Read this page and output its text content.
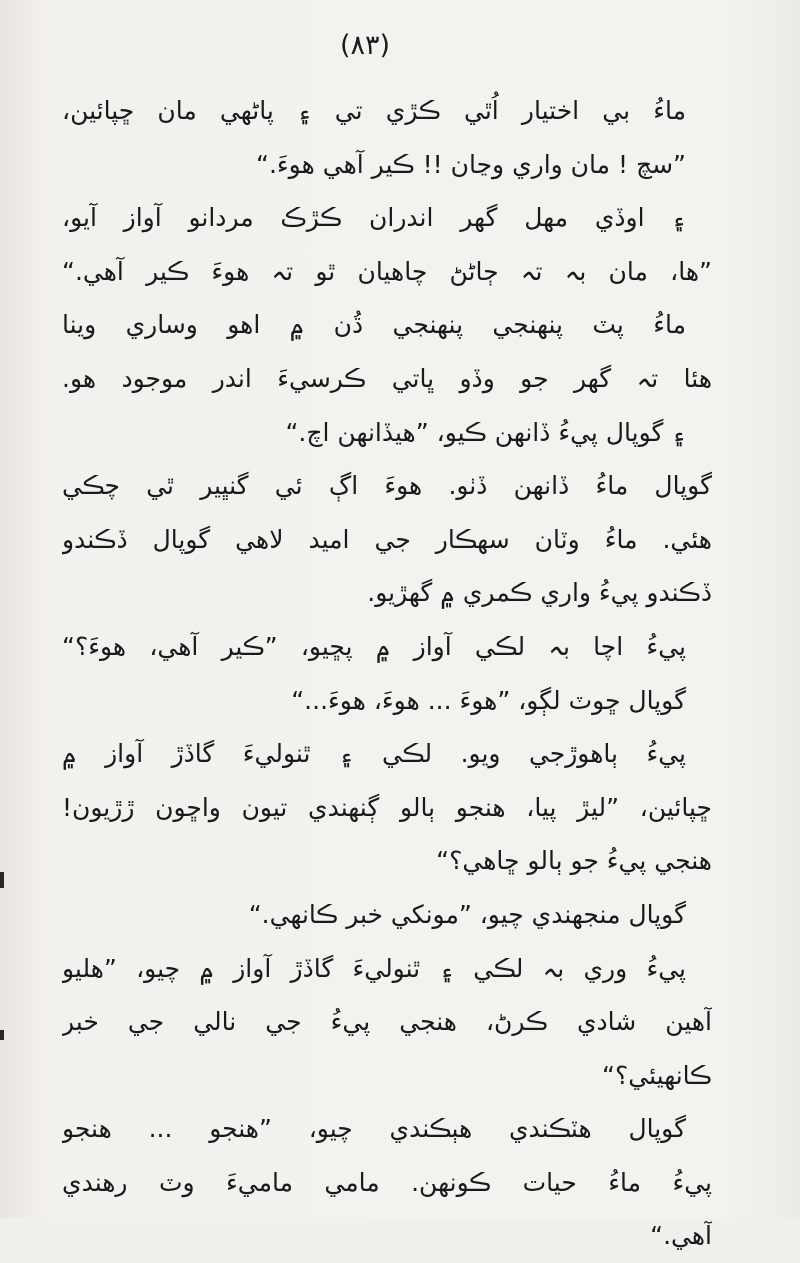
(٨٣)
ماءُ بي اختيار اُٿي ڪڙي تي ۽ پاڻهي مان ڇپائين،
”سچ ! مان واري وڃان !! ڪير آهي هوءَ.“
۽ اوڏي مهل گهر اندران ڪڙڪ مردانو آواز آيو،
”ها، مان بہ تہ ڄاڻڻ چاهيان ٿو تہ هوءَ ڪير آهي.“
ماءُ پٽ پنهنجي پنهنجي ڌُن ۾ اهو وساري وينا
هئا تہ گهر جو وڏو ڀاتي ڪرسيءَ اندر موجود هو.
۽ گوپال پيءُ ڏانهن ڪيو، ”هيڏانهن اچ.“
گوپال ماءُ ڏانهن ڏٺو. هوءَ اڳ ئي گنڀير ٿي چڪي
هئي. ماءُ وٽان سهڪار جي اميد لاهي گوپال ڏڪندو
ڏڪندو پيءُ واري ڪمري ۾ گهڙيو.
پيءُ اچا بہ لڪي آواز ۾ پڇيو، ”ڪير آهي، هوءَ؟“
گوپال ڇوٽ لڳو، ”هوءَ ... هوءَ، هوءَ...“
پيءُ ٻاهوڙجي ويو. لڪي ۽ ٿنوليءَ گاڏڙ آواز ۾
ڇپائين، ”ليڙ پيا، هنجو ٻالو ڳنهندي تيون واڇون ڙڙيون!
هنجي پيءُ جو ٻالو ڇاهي؟“
گوپال منجهندي چيو، ”مونکي خبر ڪانهي.“
پيءُ وري بہ لڪي ۽ ٿنوليءَ گاڏڙ آواز ۾ چيو، ”هليو
آهين شادي ڪرڻ، هنجي پيءُ جي نالي جي خبر
ڪانهيئي؟“
گوپال هٽڪندي هٻڪندي چيو، ”هنجو ... هنجو
پيءُ ماءُ حيات ڪونهن. مامي ماميءَ وٽ رهندي
آهي.“
